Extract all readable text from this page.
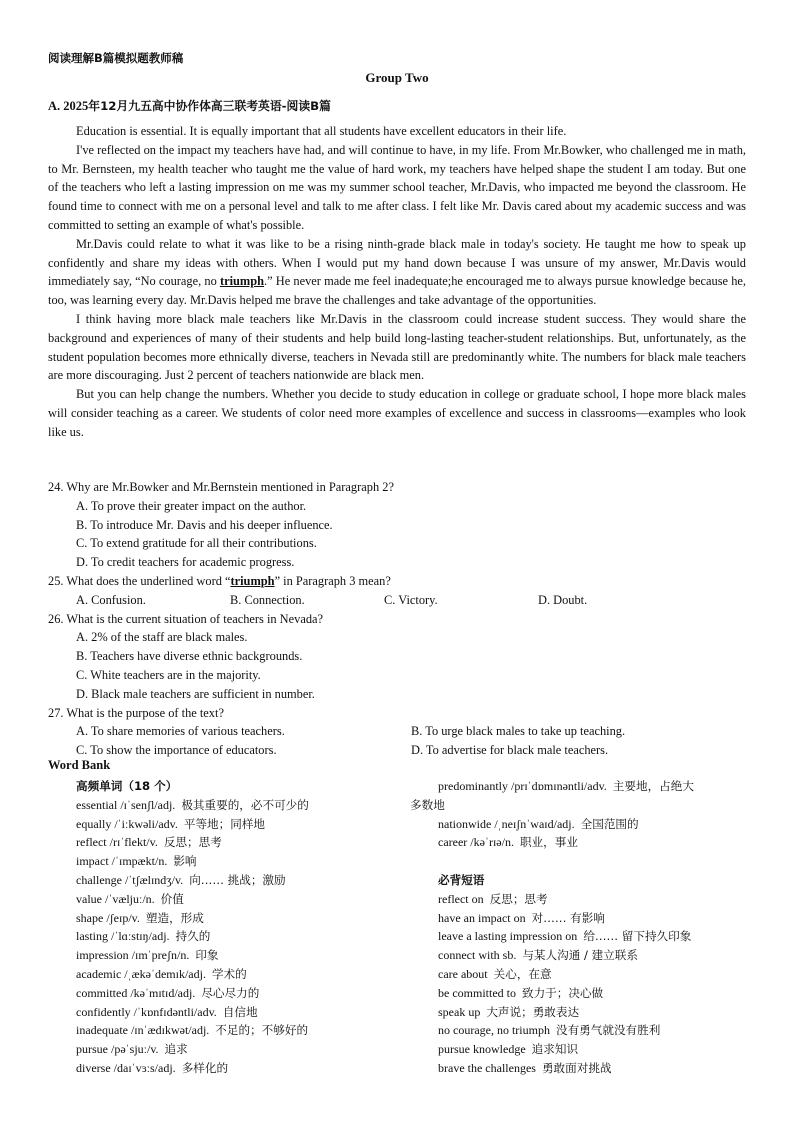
阅读理解B篇模拟题教师稿
Group Two
A. 2025年12月九五高中协作体高三联考英语-阅读B篇

Education is essential. It is equally important that all students have excellent educators in their life.

I've reflected on the impact my teachers have had, and will continue to have, in my life. From Mr.Bowker, who challenged me in math, to Mr. Bernsteen, my health teacher who taught me the value of hard work, my teachers have helped shape the student I am today. But one of the teachers who left a lasting impression on me was my summer school teacher, Mr.Davis, who impacted me beyond the classroom. He found time to connect with me on a personal level and talk to me after class. I felt like Mr. Davis cared about my academic success and was committed to setting an example of what's possible.

Mr.Davis could relate to what it was like to be a rising ninth-grade black male in today's society. He taught me how to speak up confidently and share my ideas with others. When I would put my hand down because I was unsure of my answer, Mr.Davis would immediately say, “No courage, no triumph.” He never made me feel inadequate;he encouraged me to always pursue knowledge because he, too, was learning every day. Mr.Davis helped me brave the challenges and take advantage of the opportunities.

I think having more black male teachers like Mr.Davis in the classroom could increase student success. They would share the background and experiences of many of their students and help build long-lasting teacher-student relationships. But, unfortunately, as the student population becomes more ethnically diverse, teachers in Nevada still are predominantly white. The numbers for black male teachers are more discouraging. Just 2 percent of teachers nationwide are black men.

But you can help change the numbers. Whether you decide to study education in college or graduate school, I hope more black males will consider teaching as a career. We students of color need more examples of excellence and success in classrooms—examples who look like us.

24. Why are Mr.Bowker and Mr.Bernstein mentioned in Paragraph 2?

A. To prove their greater impact on the author.

B. To introduce Mr. Davis and his deeper influence.

C. To extend gratitude for all their contributions.

D. To credit teachers for academic progress.

25. What does the underlined word “triumph” in Paragraph 3 mean?

A. Confusion.	B. Connection.	C. Victory.	D. Doubt.

26. What is the current situation of teachers in Nevada?

A. 2% of the staff are black males.

B. Teachers have diverse ethnic backgrounds.

C. White teachers are in the majority.

D. Black male teachers are sufficient in number.

27. What is the purpose of the text?

A. To share memories of various teachers.	B. To urge black males to take up teaching.
C. To show the importance of educators.	D. To advertise for black male teachers.
Word Bank
高频单词（18 个）
essential /ɪˈsenʃl/adj. 极其重要的，必不可少的
equally /ˈiːkwəli/adv. 平等地；同样地
reflect /rɪˈflekt/v. 反思；思考
impact /ˈɪmpækt/n. 影响
challenge /ˈtʃælɪndʒ/v. 向…… 挑战；激励
value /ˈvæljuː/n. 价值
shape /ʃeɪp/v. 塑造，形成
lasting /ˈlɑːstɪŋ/adj. 持久的
impression /ɪmˈpreʃn/n. 印象
academic /ˌækəˈdemɪk/adj. 学术的
committed /kəˈmɪtɪd/adj. 尽心尽力的
confidently /ˈkɒnfɪdəntli/adv. 自信地
inadequate /ɪnˈædɪkwət/adj. 不足的；不够好的
pursue /pəˈsjuː/v. 追求
diverse /daɪˈvɜːs/adj. 多样化的
predominantly /prɪˈdɒmɪnəntli/adv. 主要地，占绝大
多数地
nationwide /ˌneɪʃnˈwaɪd/adj. 全国范围的
career /kəˈrɪə/n. 职业，事业
必背短语
reflect on 反思；思考
have an impact on 对…… 有影响
leave a lasting impression on 给…… 留下持久印象
connect with sb. 与某人沟通 / 建立联系
care about 关心，在意
be committed to 致力于；决心做
speak up 大声说；勇敢表达
no courage, no triumph 没有勇气就没有胜利
pursue knowledge 追求知识
brave the challenges 勇敢面对挑战
